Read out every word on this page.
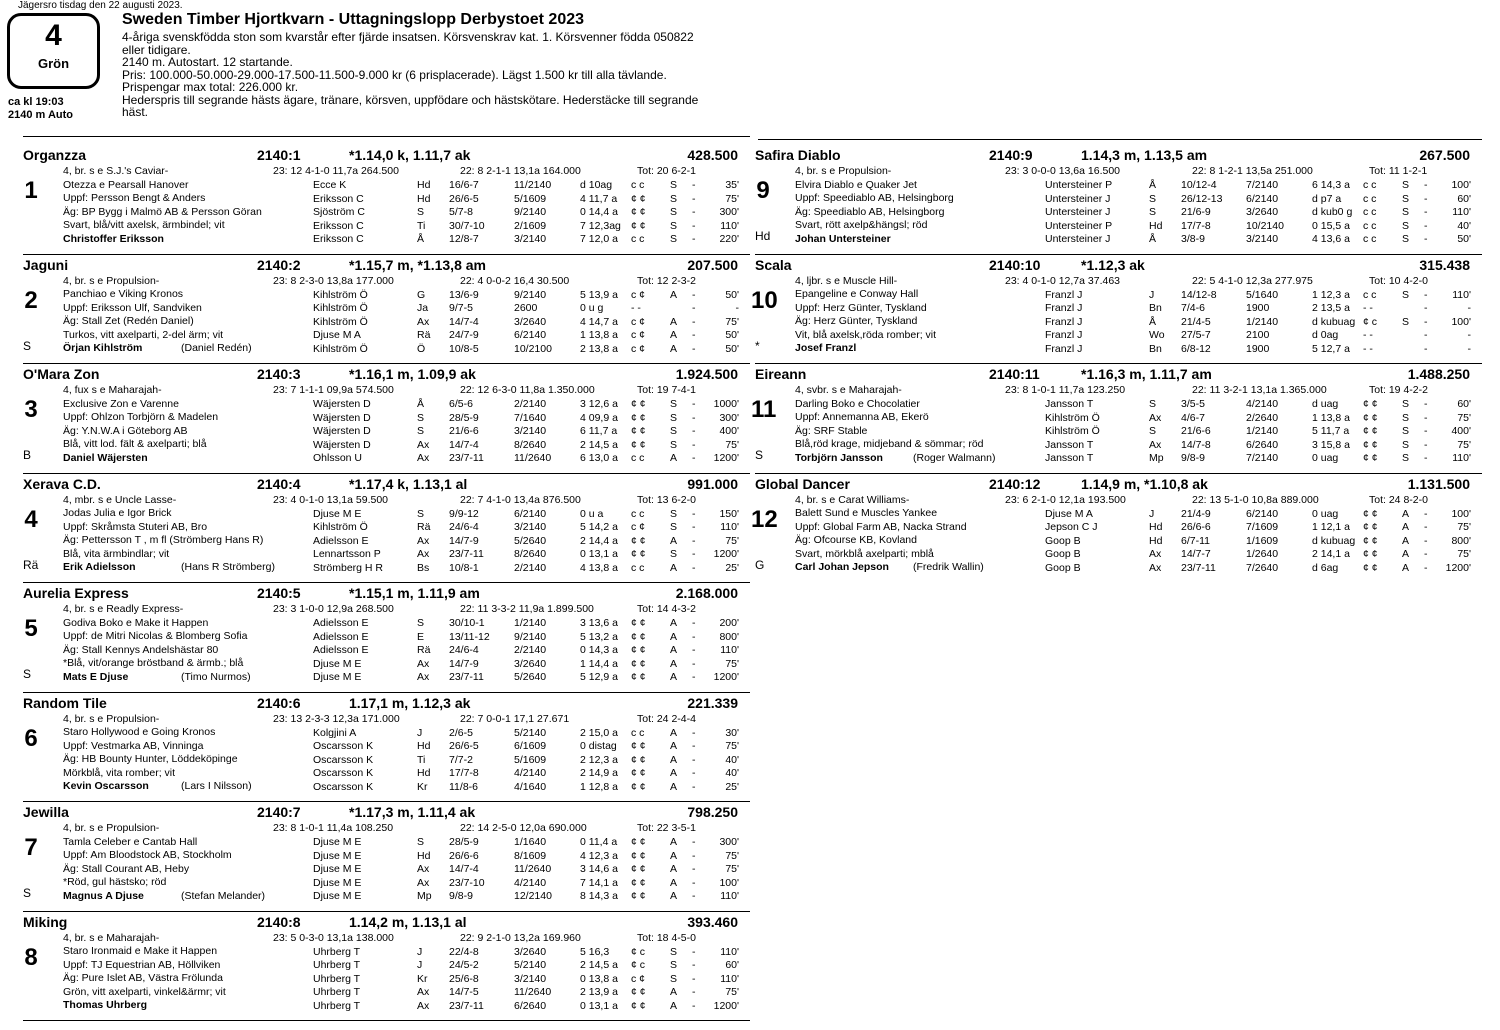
Jägersro tisdag den 22 augusti 2023.
4
Grön
ca kl 19:03
2140 m Auto
Sweden Timber Hjortkvarn - Uttagningslopp Derbystoet 2023
4-åriga svenskfödda ston som kvarstår efter fjärde insatsen. Körsvenskrav kat. 1. Körsvenner födda 050822
eller tidigare.
2140 m. Autostart. 12 startande.
Pris: 100.000-50.000-29.000-17.500-11.500-9.000 kr (6 prisplacerade). Lägst 1.500 kr till alla tävlande.
Prispengar max total: 226.000 kr.
Hederspris till segrande hästs ägare, tränare, körsven, uppfödare och hästskötare. Hederstäcke till segrande
häst.
Organzza	2140:1	*1.14,0 k, 1.11,7 ak	428.500
1
4, br. s e S.J.'s Caviar-
Otezza e Pearsall Hanover
Uppf: Persson Bengt & Anders
Äg: BP Bygg i Malmö AB & Persson Göran
Svart, blå/vitt axelsk, ärmbindel; vit
Christoffer Eriksson
23: 12 4-1-0 11,7a 264.500	22: 8 2-1-1 13,1a 164.000	Tot: 20 6-2-1
Ecce K	Hd 16/6-7	11/2140	d 10ag c c S -	35'
Eriksson C	Hd 26/6-5	5/1609	4 11,7 a ¢ ¢ S -	75'
Sjöström C	S 5/7-8	9/2140	0 14,4 a ¢ ¢ S - 300'
Eriksson C	Ti 30/7-10	2/1609	7 12,3ag ¢ ¢ S - 110'
Eriksson C	Å 12/8-7	3/2140	7 12,0 a c c S - 220'
Jaguni	2140:2	*1.15,7 m, *1.13,8 am	207.500
2
S
4, br. s e Propulsion-
Panchiao e Viking Kronos
Uppf: Eriksson Ulf, Sandviken
Äg: Stall Zet (Redén Daniel)
Turkos, vitt axelparti, 2-del ärm; vit
Örjan Kihlström	(Daniel Redén)
23: 8 2-3-0 13,8a 177.000	22: 4 0-0-2 16,4 30.500	Tot: 12 2-3-2
Kihlström Ö	G 13/6-9	9/2140	5 13,9 a c ¢ A -	50'
Kihlström Ö	Ja 9/7-5	2600	0 u g	- -	-	-
Kihlström Ö	Ax 14/7-4	3/2640	4 14,7 a c ¢ A -	75'
Djuse M A	Rä 24/7-9	6/2140	1 13,8 a c ¢ A -	50'
Kihlström Ö	Ö 10/8-5	10/2100	2 13,8 a c ¢ A -	50'
O'Mara Zon	2140:3	*1.16,1 m, 1.09,9 ak	1.924.500
3
B
4, fux s e Maharajah-
Exclusive Zon e Varenne
Uppf: Ohlzon Torbjörn & Madelen
Äg: Y.N.W.A i Göteborg AB
Blå, vitt lod. fält & axelparti; blå
Daniel Wäjersten
23: 7 1-1-1 09,9a 574.500	22: 12 6-3-0 11,8a 1.350.000	Tot: 19 7-4-1
Wäjersten D	Å 6/5-6	2/2140	3 12,6 a ¢ ¢ S - 1000'
Wäjersten D	S 28/5-9	7/1640	4 09,9 a ¢ ¢ S - 300'
Wäjersten D	S 21/6-6	3/2140	6 11,7 a ¢ ¢ S - 400'
Wäjersten D	Ax 14/7-4	8/2640	2 14,5 a ¢ ¢ S -	75'
Ohlsson U	Ax 23/7-11	11/2640	6 13,0 a c c A - 1200'
Xerava C.D.	2140:4	*1.17,4 k, 1.13,1 al	991.000
4
Rä
4, mbr. s e Uncle Lasse-
Jodas Julia e Igor Brick
Uppf: Skråmsta Stuteri AB, Bro
Äg: Pettersson T , m fl (Strömberg Hans R)
Blå, vita ärmbindlar; vit
Erik Adielsson	(Hans R Strömberg)
23: 4 0-1-0 13,1a 59.500	22: 7 4-1-0 13,4a 876.500	Tot: 13 6-2-0
Djuse M E	S 9/9-12	6/2140	0 u a	c c S - 150'
Kihlström Ö	Rä 24/6-4	3/2140	5 14,2 a c ¢ S - 110'
Adielsson E	Ax 14/7-9	5/2640	2 14,4 a ¢ ¢ A -	75'
Lennartsson P	Ax 23/7-11	8/2640	0 13,1 a ¢ ¢ S - 1200'
Strömberg H R	Bs 10/8-1	2/2140	4 13,8 a c c A -	25'
Aurelia Express	2140:5	*1.15,1 m, 1.11,9 am	2.168.000
5
S
4, br. s e Readly Express-
Godiva Boko e Make it Happen
Uppf: de Mitri Nicolas & Blomberg Sofia
Äg: Stall Kennys Andelshästar 80
*Blå, vit/orange bröstband & ärmb.; blå
Mats E Djuse	(Timo Nurmos)
23: 3 1-0-0 12,9a 268.500	22: 11 3-3-2 11,9a 1.899.500	Tot: 14 4-3-2
Adielsson E	S 30/10-1	1/2140	3 13,6 a ¢ ¢ A - 200'
Adielsson E	E 13/11-12 9/2140	5 13,2 a ¢ ¢ A - 800'
Adielsson E	Rä 24/6-4	2/2140	0 14,3 a ¢ ¢ A - 110'
Djuse M E	Ax 14/7-9	3/2640	1 14,4 a ¢ ¢ A -	75'
Djuse M E	Ax 23/7-11	5/2640	5 12,9 a ¢ ¢ A - 1200'
Random Tile	2140:6	1.17,1 m, 1.12,3 ak	221.339
6
4, br. s e Propulsion-
Staro Hollywood e Going Kronos
Uppf: Vestmarka AB, Vinninga
Äg: HB Bounty Hunter, Löddeköpinge
Mörkblå, vita romber; vit
Kevin Oscarsson	(Lars I Nilsson)
23: 13 2-3-3 12,3a 171.000	22: 7 0-0-1 17,1 27.671	Tot: 24 2-4-4
Kolgjini A	J	2/6-5	5/2140	2 15,0 a c c A -	30'
Oscarsson K	Hd 26/6-5	6/1609	0 distag ¢ ¢ A -	75'
Oscarsson K	Ti 7/7-2	5/1609	2 12,3 a ¢ ¢ A -	40'
Oscarsson K	Hd 17/7-8	4/2140	2 14,9 a ¢ ¢ A -	40'
Oscarsson K	Kr 11/8-6	4/1640	1 12,8 a ¢ ¢ A -	25'
Jewilla	2140:7	*1.17,3 m, 1.11,4 ak	798.250
7
S
4, br. s e Propulsion-
Tamla Celeber e Cantab Hall
Uppf: Am Bloodstock AB, Stockholm
Äg: Stall Courant AB, Heby
*Röd, gul hästsko; röd
Magnus A Djuse	(Stefan Melander)
23: 8 1-0-1 11,4a 108.250	22: 14 2-5-0 12,0a 690.000	Tot: 22 3-5-1
Djuse M E	S 28/5-9	1/1640	0 11,4 a ¢ ¢ A - 300'
Djuse M E	Hd 26/6-6	8/1609	4 12,3 a ¢ ¢ A -	75'
Djuse M E	Ax 14/7-4	11/2640	3 14,6 a ¢ ¢ A -	75'
Djuse M E	Ax 23/7-10	4/2140	7 14,1 a ¢ ¢ A - 100'
Djuse M E	Mp 9/8-9	12/2140	8 14,3 a ¢ ¢ A - 110'
Miking	2140:8	1.14,2 m, 1.13,1 al	393.460
8
4, br. s e Maharajah-
Staro Ironmaid e Make it Happen
Uppf: TJ Equestrian AB, Höllviken
Äg: Pure Islet AB, Västra Frölunda
Grön, vitt axelparti, vinkel&ärmr; vit
Thomas Uhrberg
23: 5 0-3-0 13,1a 138.000	22: 9 2-1-0 13,2a 169.960	Tot: 18 4-5-0
Uhrberg T	J	22/4-8	3/2640	5 16,3 ¢ c S - 110'
Uhrberg T	J	24/5-2	5/2140	2 14,5 a ¢ c S -	60'
Uhrberg T	Kr 25/6-8	3/2140	0 13,8 a c ¢ S - 110'
Uhrberg T	Ax 14/7-5	11/2640	2 13,9 a ¢ ¢ A -	75'
Uhrberg T	Ax 23/7-11	6/2640	0 13,1 a ¢ ¢ A - 1200'
Safira Diablo	2140:9	1.14,3 m, 1.13,5 am	267.500
9
Hd
4, br. s e Propulsion-
Elvira Diablo e Quaker Jet
Uppf: Speediablo AB, Helsingborg
Äg: Speediablo AB, Helsingborg
Svart, rött axelp&hängsl; röd
Johan Untersteiner
23: 3 0-0-0 13,6a 16.500	22: 8 1-2-1 13,5a 251.000	Tot: 11 1-2-1
Untersteiner P	Å 10/12-4	7/2140	6 14,3 a c c S - 100'
Untersteiner J	S 26/12-13 6/2140	d p7 a c c S -	60'
Untersteiner J	S 21/6-9	3/2640	d kub0 g c c S - 110'
Untersteiner P	Hd 17/7-8	10/2140	0 15,5 a c c S -	40'
Untersteiner J	Å 3/8-9	3/2140	4 13,6 a c c S -	50'
Scala	2140:10	*1.12,3 ak	315.438
10
*
4, ljbr. s e Muscle Hill-
Epangeline e Conway Hall
Uppf: Herz Günter, Tyskland
Äg: Herz Günter, Tyskland
Vit, blå axelsk,röda romber; vit
Josef Franzl
23: 4 0-1-0 12,7a 37.463	22: 5 4-1-0 12,3a 277.975	Tot: 10 4-2-0
Franzl J	J	14/12-8	5/1640	1 12,3 a c c S - 110'
Franzl J	Bn 7/4-6	1900	2 13,5 a - -	-	-
Franzl J	Å 21/4-5	1/2140	d kubuag ¢ c S - 100'
Franzl J	Wo 27/5-7	2100	d 0ag - -	-	-
Franzl J	Bn 6/8-12	1900	5 12,7 a - -	-	-
Eireann	2140:11	*1.16,3 m, 1.11,7 am	1.488.250
11
S
4, svbr. s e Maharajah-
Darling Boko e Chocolatier
Uppf: Annemanna AB, Ekerö
Äg: SRF Stable
Blå,röd krage, midjeband & sömmar; röd
Torbjörn Jansson	(Roger Walmann)
23: 8 1-0-1 11,7a 123.250	22: 11 3-2-1 13,1a 1.365.000	Tot: 19 4-2-2
Jansson T	S 3/5-5	4/2140	d uag ¢ ¢ S -	60'
Kihlström Ö	Ax 4/6-7	2/2640	1 13,8 a ¢ ¢ S -	75'
Kihlström Ö	S 21/6-6	1/2140	5 11,7 a ¢ ¢ S - 400'
Jansson T	Ax 14/7-8	6/2640	3 15,8 a ¢ ¢ S -	75'
Jansson T	Mp 9/8-9	7/2140	0 uag ¢ ¢ S - 110'
Global Dancer	2140:12	1.14,9 m, *1.10,8 ak	1.131.500
12
G
4, br. s e Carat Williams-
Balett Sund e Muscles Yankee
Uppf: Global Farm AB, Nacka Strand
Äg: Ofcourse KB, Kovland
Svart, mörkblå axelparti; mblå
Carl Johan Jepson (Fredrik Wallin)
23: 6 2-1-0 12,1a 193.500	22: 13 5-1-0 10,8a 889.000	Tot: 24 8-2-0
Djuse M A	J	21/4-9	6/2140	0 uag ¢ ¢ A - 100'
Jepson C J	Hd 26/6-6	7/1609	1 12,1 a ¢ ¢ A -	75'
Goop B	Hd 6/7-11	1/1609	d kubuag ¢ ¢ A - 800'
Goop B	Ax 14/7-7	1/2640	2 14,1 a ¢ ¢ A -	75'
Goop B	Ax 23/7-11	7/2640	d 6ag ¢ ¢ A - 1200'
